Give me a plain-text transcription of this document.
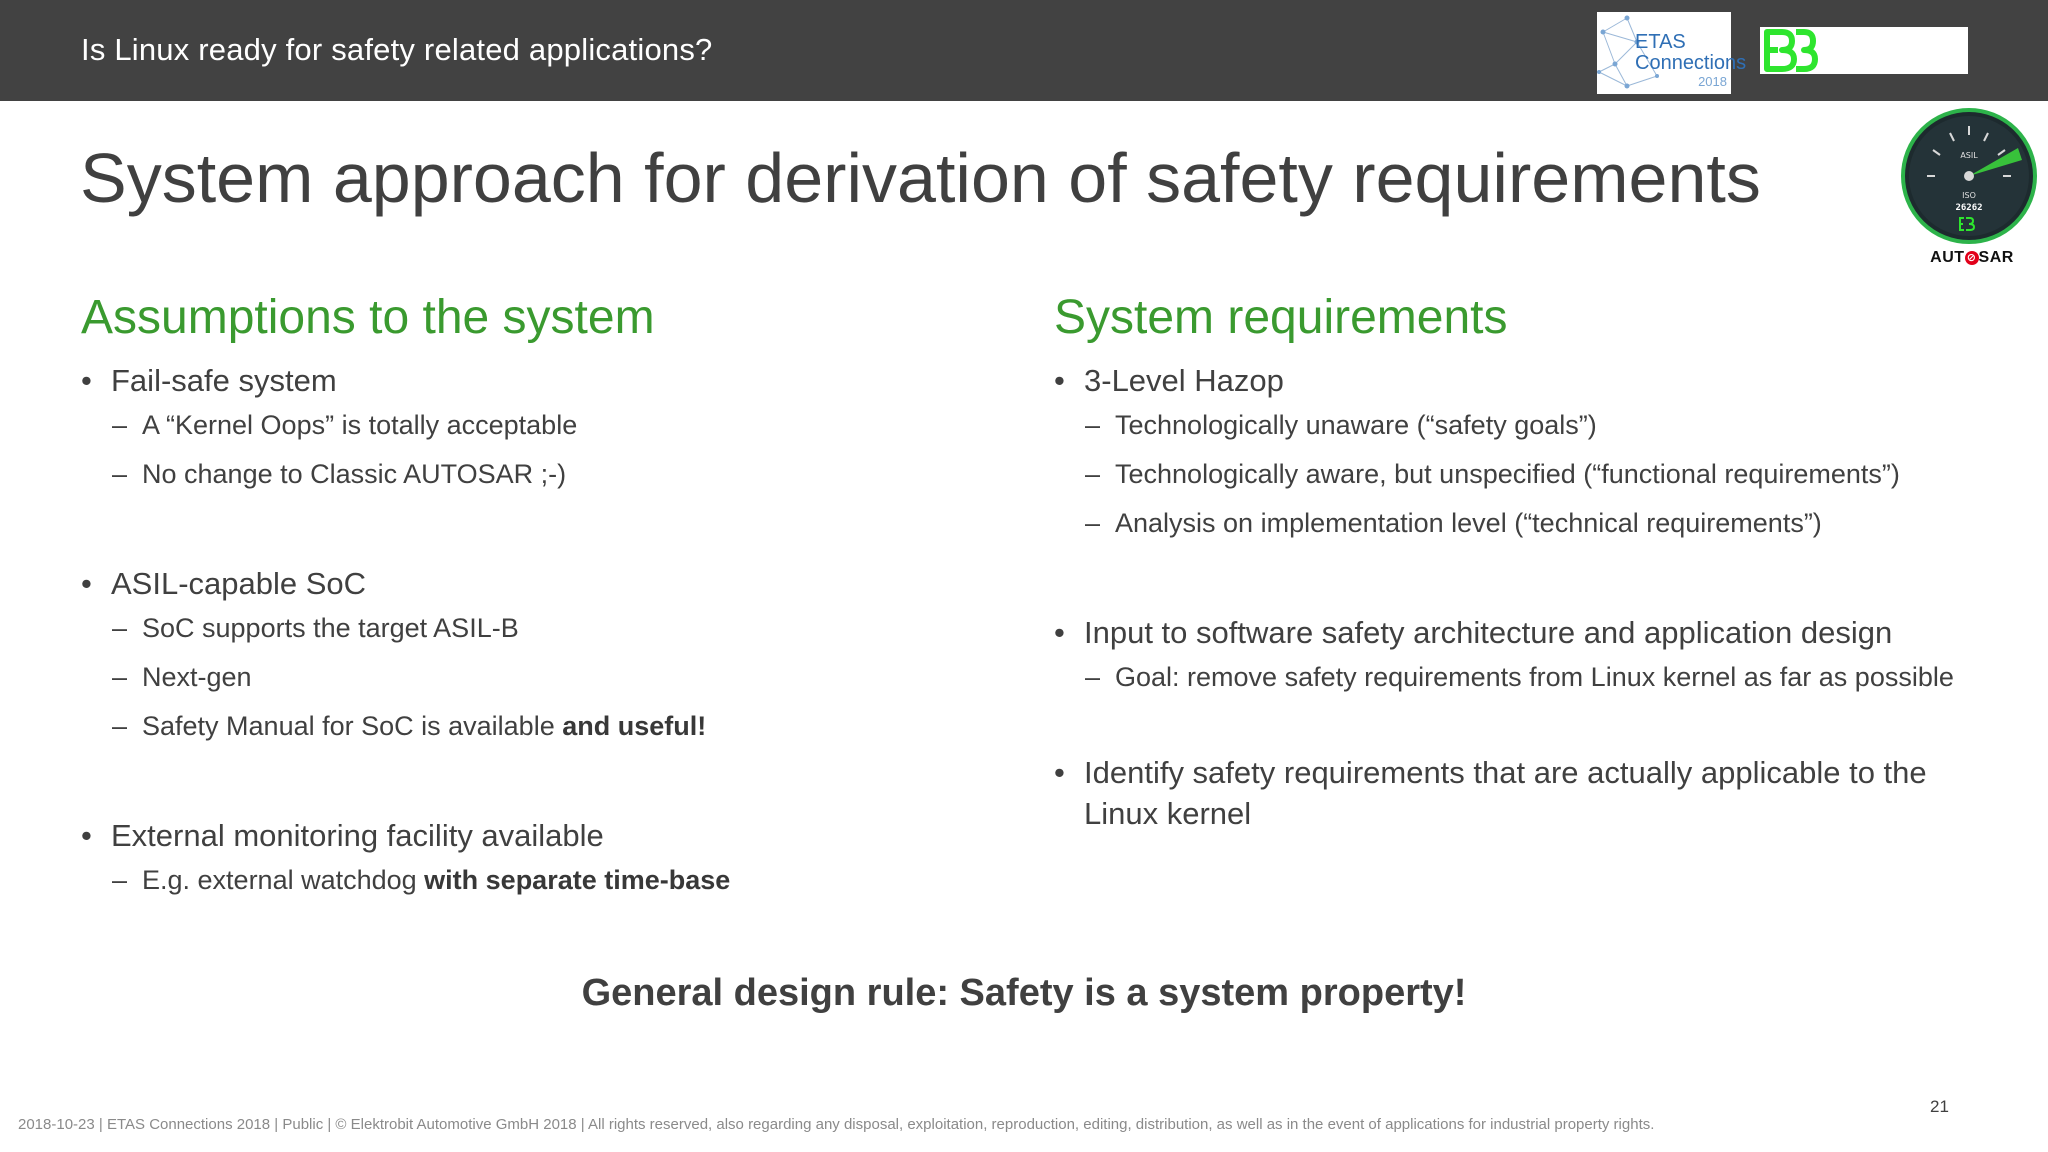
Is Linux ready for safety related applications?	ETAS
Connections
2018
ASIL
ISO
26262
AUT ⊘ SAR
System approach for derivation of safety requirements
Assumptions to the system
• Fail-safe system
– A “Kernel Oops” is totally acceptable
– No change to Classic AUTOSAR ;-)
• ASIL-capable SoC
– SoC supports the target ASIL-B
– Next-gen
– Safety Manual for SoC is available and useful!
• External monitoring facility available
– E.g. external watchdog with separate time-base
System requirements
• 3-Level Hazop
– Technologically unaware (“safety goals”)
– Technologically aware, but unspecified (“functional requirements”)
– Analysis on implementation level (“technical requirements”)
• Input to software safety architecture and application design
– Goal: remove safety requirements from Linux kernel as far as possible
• Identify safety requirements that are actually applicable to the
Linux kernel
General design rule: Safety is a system property!
2018-10-23 | ETAS Connections 2018 | Public | © Elektrobit Automotive GmbH 2018 | All rights reserved, also regarding any disposal, exploitation, reproduction, editing, distribution, as well as in the event of applications for industrial property rights.
21
